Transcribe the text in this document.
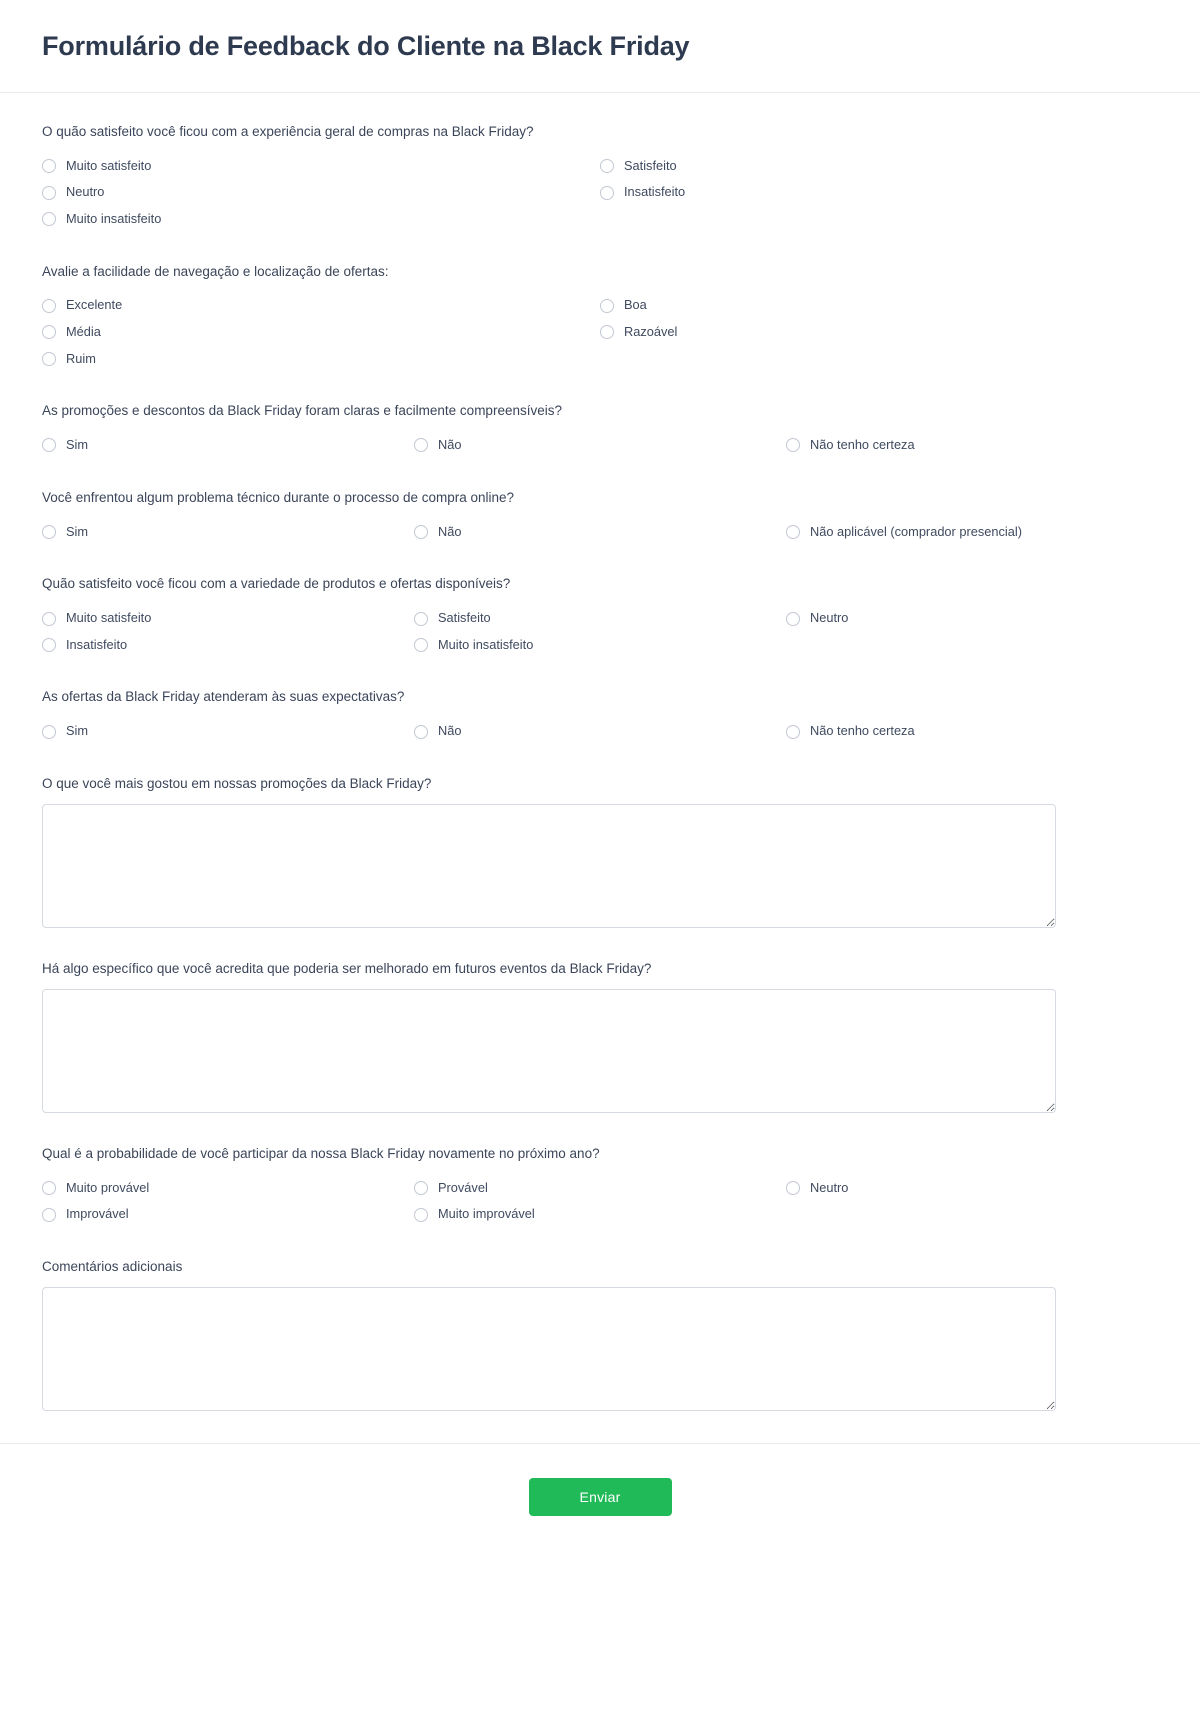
Formulário de Feedback do Cliente na Black Friday
O quão satisfeito você ficou com a experiência geral de compras na Black Friday?
Muito satisfeito	Satisfeito
Neutro	Insatisfeito
Muito insatisfeito
Avalie a facilidade de navegação e localização de ofertas:
Excelente	Boa
Média	Razoável
Ruim
As promoções e descontos da Black Friday foram claras e facilmente compreensíveis?
Sim	Não	Não tenho certeza
Você enfrentou algum problema técnico durante o processo de compra online?
Sim	Não	Não aplicável (comprador presencial)
Quão satisfeito você ficou com a variedade de produtos e ofertas disponíveis?
Muito satisfeito	Satisfeito	Neutro
Insatisfeito	Muito insatisfeito
As ofertas da Black Friday atenderam às suas expectativas?
Sim	Não	Não tenho certeza
O que você mais gostou em nossas promoções da Black Friday?
Há algo específico que você acredita que poderia ser melhorado em futuros eventos da Black Friday?
Qual é a probabilidade de você participar da nossa Black Friday novamente no próximo ano?
Muito provável	Provável	Neutro
Improvável	Muito improvável
Comentários adicionais
Enviar
